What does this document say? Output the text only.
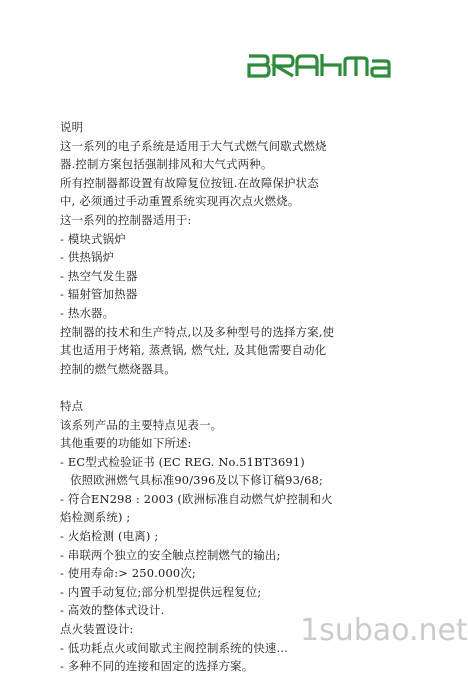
说明
这一系列的电子系统是适用于大气式燃气间歇式燃烧
器.控制方案包括强制排风和大气式两种。
所有控制器都设置有故障复位按钮.在故障保护状态
中, 必须通过手动重置系统实现再次点火燃烧。
这一系列的控制器适用于:
- 模块式锅炉
- 供热锅炉
- 热空气发生器
- 辐射管加热器
- 热水器。
控制器的技术和生产特点,以及多种型号的选择方案,使
其也适用于烤箱, 蒸煮锅, 燃气灶, 及其他需要自动化
控制的燃气燃烧器具。
特点
该系列产品的主要特点见表一。
其他重要的功能如下所述:
- EC型式检验证书 (EC REG. No.51BT3691)
依照欧洲燃气具标准90/396及以下修订稿93/68;
- 符合EN298 : 2003 (欧洲标准自动燃气炉控制和火
焰检测系统) ;
- 火焰检测 (电离) ;
- 串联两个独立的安全触点控制燃气的输出;
- 使用寿命:> 250.000次;
- 内置手动复位;部分机型提供远程复位;
- 高效的整体式设计.
点火装置设计:
- 低功耗点火或间歇式主阀控制系统的快速…
- 多种不同的连接和固定的选择方案。
1subao.net
